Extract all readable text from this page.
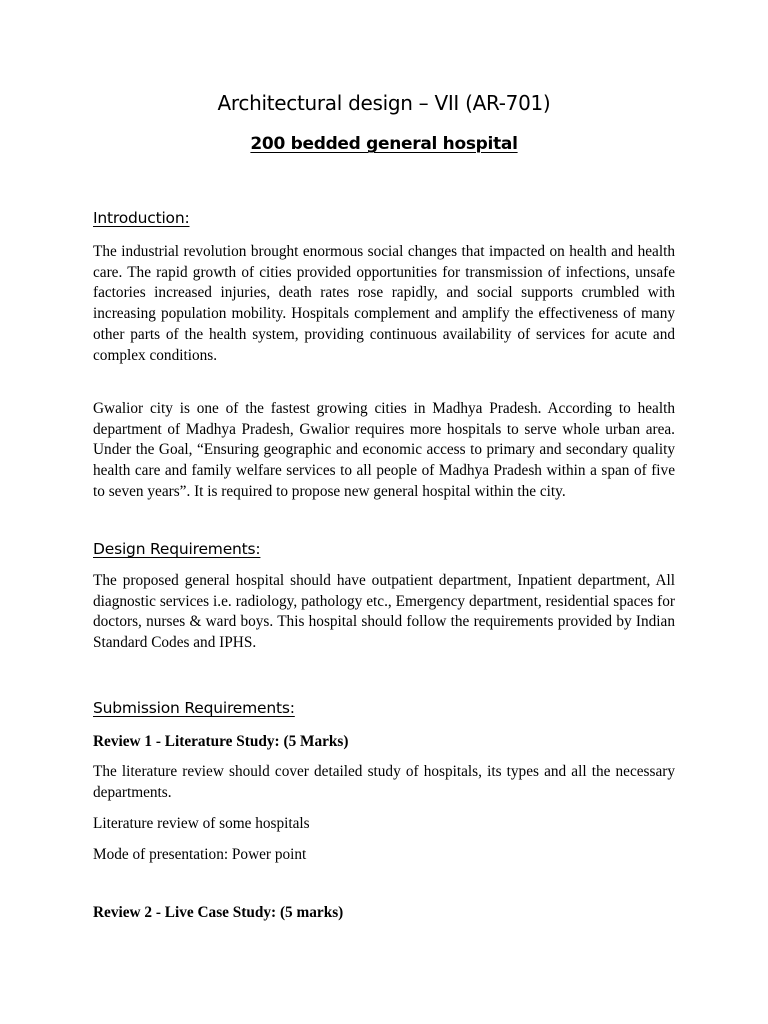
Architectural design – VII (AR-701)
200 bedded general hospital
Introduction:

The industrial revolution brought enormous social changes that impacted on health and health care. The rapid growth of cities provided opportunities for transmission of infections, unsafe factories increased injuries, death rates rose rapidly, and social supports crumbled with increasing population mobility. Hospitals complement and amplify the effectiveness of many other parts of the health system, providing continuous availability of services for acute and complex conditions.

Gwalior city is one of the fastest growing cities in Madhya Pradesh. According to health department of Madhya Pradesh, Gwalior requires more hospitals to serve whole urban area. Under the Goal, “Ensuring geographic and economic access to primary and secondary quality health care and family welfare services to all people of Madhya Pradesh within a span of five to seven years”. It is required to propose new general hospital within the city.

Design Requirements:

The proposed general hospital should have outpatient department, Inpatient department, All diagnostic services i.e. radiology, pathology etc., Emergency department, residential spaces for doctors, nurses & ward boys. This hospital should follow the requirements provided by Indian Standard Codes and IPHS.

Submission Requirements:

Review 1 - Literature Study: (5 Marks)

The literature review should cover detailed study of hospitals, its types and all the necessary departments.

Literature review of some hospitals

Mode of presentation: Power point

Review 2 - Live Case Study: (5 marks)
